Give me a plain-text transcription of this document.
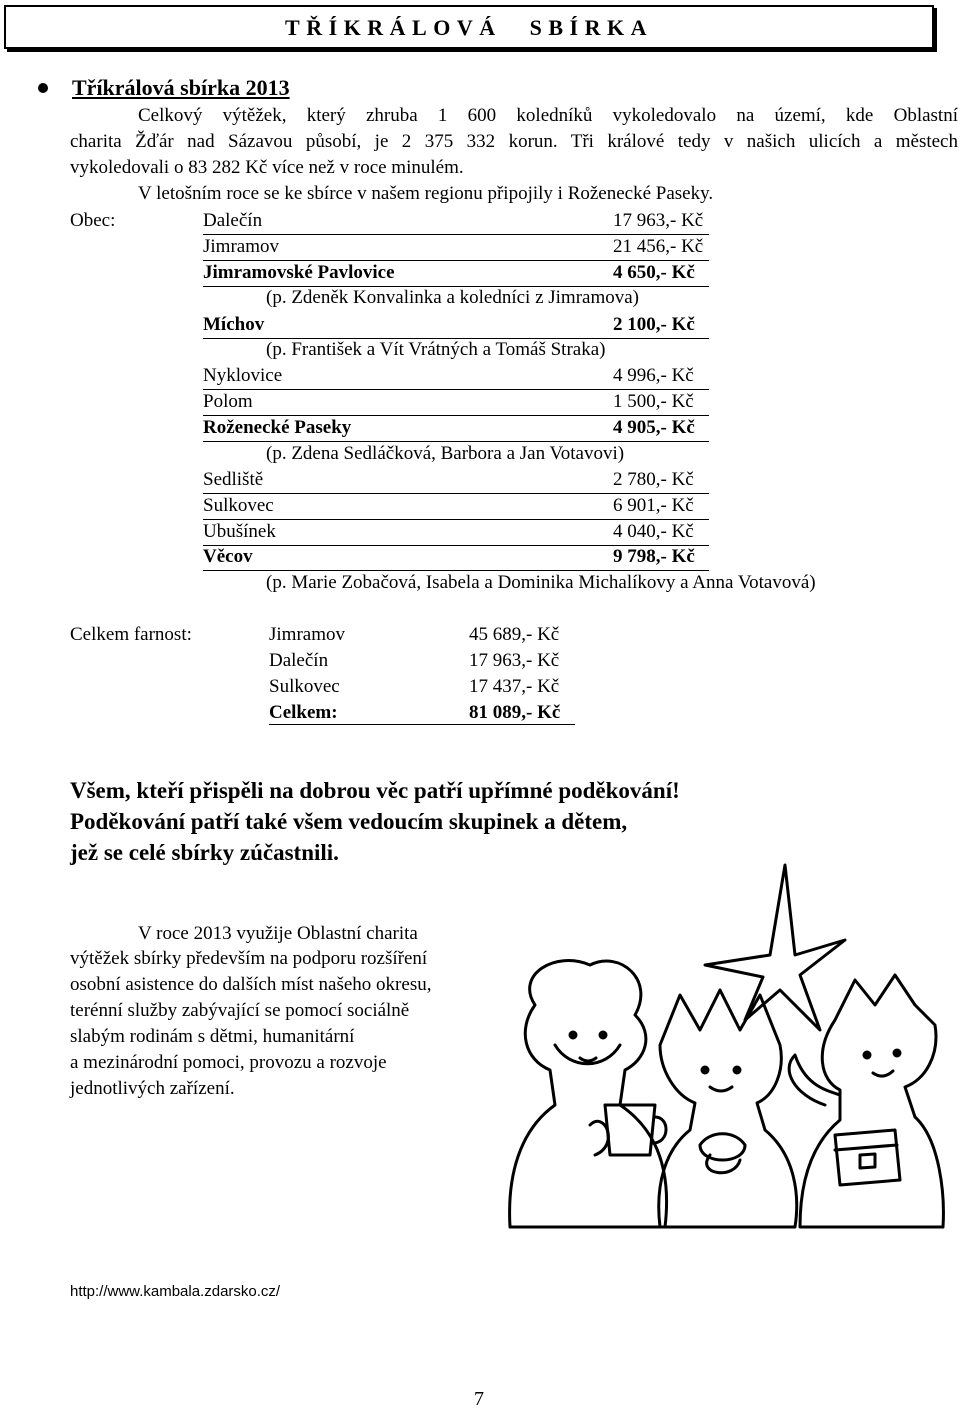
TŘÍKRÁLOVÁ SBÍRKA
Tříkrálová sbírka 2013
Celkový výtěžek, který zhruba 1 600 koledníků vykoledovalo na území, kde Oblastní
charita Žďár nad Sázavou působí, je 2 375 332 korun. Tři králové tedy v našich ulicích a městech
vykoledovali o 83 282 Kč více než v roce minulém.
V letošním roce se ke sbírce v našem regionu připojily i Roženecké Paseky.
Obec:	Dalečín	17 963,- Kč
Jimramov	21 456,- Kč
Jimramovské Pavlovice	4 650,- Kč
(p. Zdeněk Konvalinka a koledníci z Jimramova)
Míchov	2 100,- Kč
(p. František a Vít Vrátných a Tomáš Straka)
Nyklovice	4 996,- Kč
Polom	1 500,- Kč
Roženecké Paseky	4 905,- Kč
(p. Zdena Sedláčková, Barbora a Jan Votavovi)
Sedliště	2 780,- Kč
Sulkovec	6 901,- Kč
Ubušínek	4 040,- Kč
Věcov	9 798,- Kč
(p. Marie Zobačová, Isabela a Dominika Michalíkovy a Anna Votavová)
Celkem farnost:	Jimramov	45 689,- Kč
Dalečín	17 963,- Kč
Sulkovec	17 437,- Kč
Celkem:	81 089,- Kč
Všem, kteří přispěli na dobrou věc patří upřímné poděkování!
Poděkování patří také všem vedoucím skupinek a dětem,
jež se celé sbírky zúčastnili.
V roce 2013 využije Oblastní charita
výtěžek sbírky především na podporu rozšíření
osobní asistence do dalších míst našeho okresu,
terénní služby zabývající se pomocí sociálně
slabým rodinám s dětmi, humanitární
a mezinárodní pomoci, provozu a rozvoje
jednotlivých zařízení.
http://www.kambala.zdarsko.cz/
7
